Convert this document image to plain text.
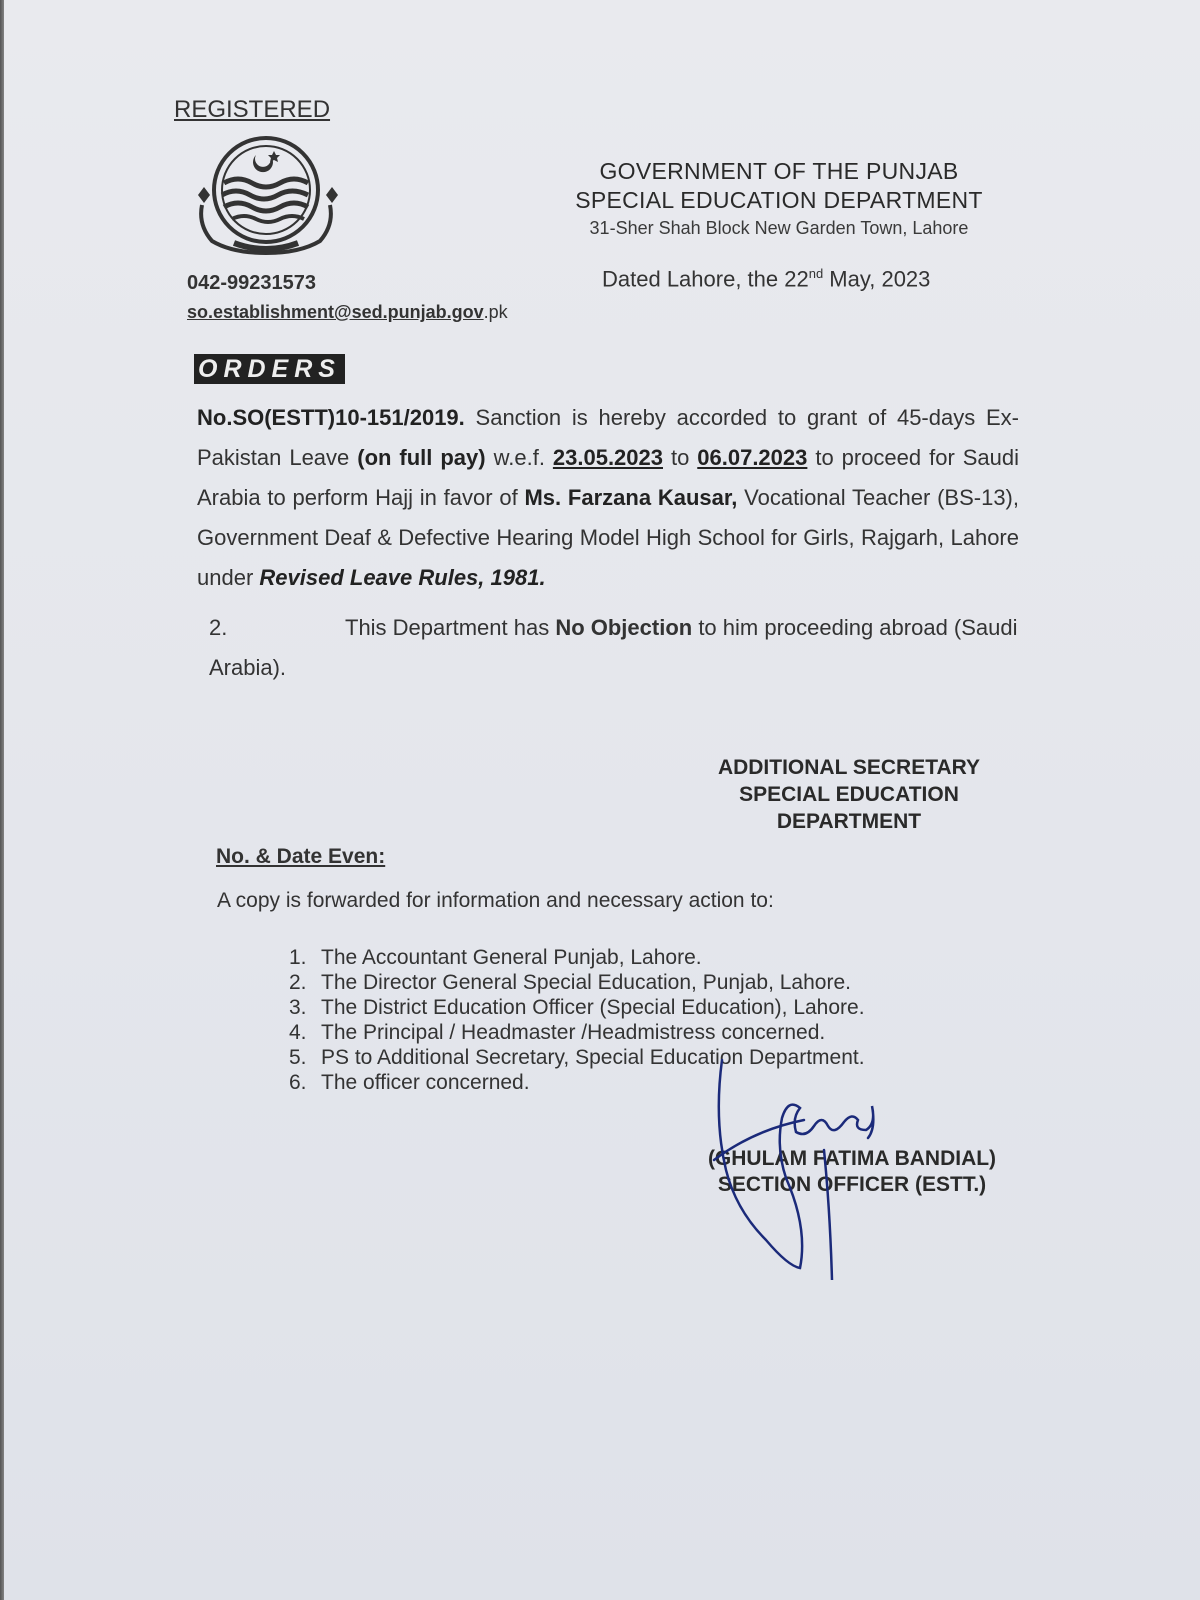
REGISTERED
GOVERNMENT OF THE PUNJAB
SPECIAL EDUCATION DEPARTMENT
31-Sher Shah Block New Garden Town, Lahore
042-99231573
so.establishment@sed.punjab.gov.pk
Dated Lahore, the 22nd May, 2023
ORDERS
No.SO(ESTT)10-151/2019. Sanction is hereby accorded to grant of 45-days Ex-Pakistan Leave (on full pay) w.e.f. 23.05.2023 to 06.07.2023 to proceed for Saudi Arabia to perform Hajj in favor of Ms. Farzana Kausar, Vocational Teacher (BS-13), Government Deaf & Defective Hearing Model High School for Girls, Rajgarh, Lahore under Revised Leave Rules, 1981.
2.	This Department has No Objection to him proceeding abroad (Saudi Arabia).
ADDITIONAL SECRETARY
SPECIAL EDUCATION
DEPARTMENT
No. & Date Even:
A copy is forwarded for information and necessary action to:
1. The Accountant General Punjab, Lahore.
2. The Director General Special Education, Punjab, Lahore.
3. The District Education Officer (Special Education), Lahore.
4. The Principal / Headmaster /Headmistress concerned.
5. PS to Additional Secretary, Special Education Department.
6. The officer concerned.
(GHULAM FATIMA BANDIAL)
SECTION OFFICER (ESTT.)
